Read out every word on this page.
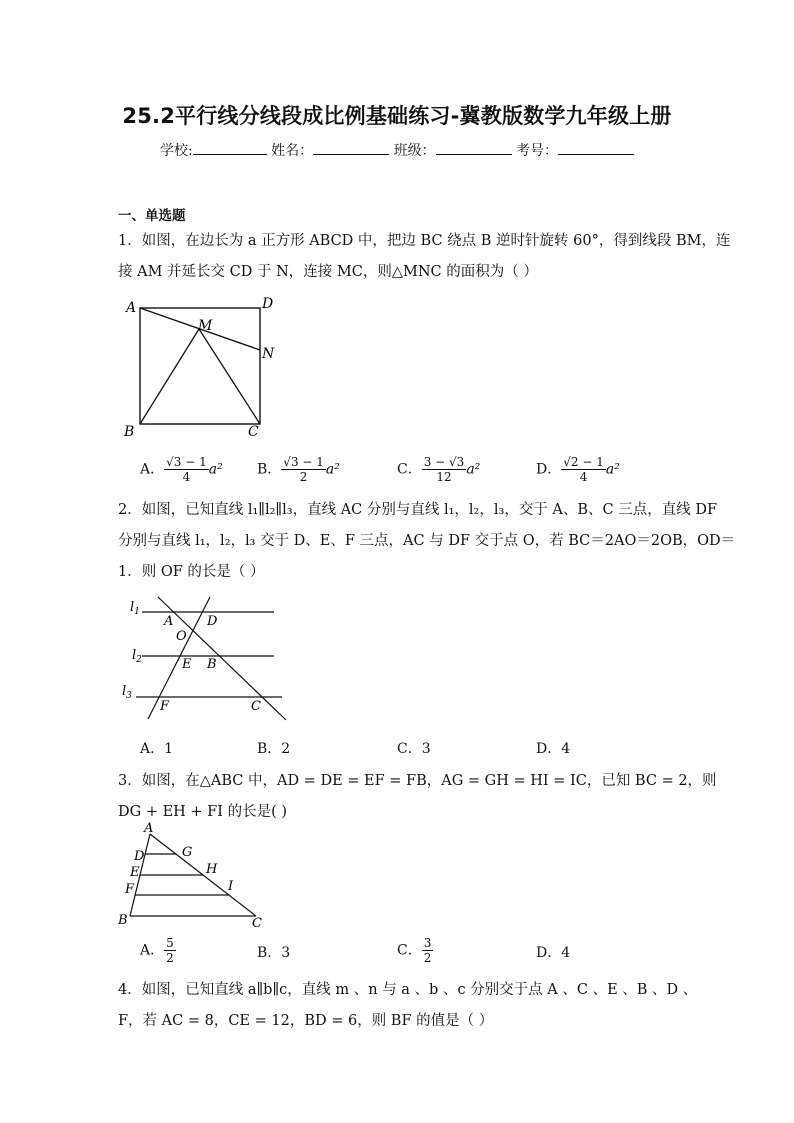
25.2平行线分线段成比例基础练习-冀教版数学九年级上册
学校:	姓名：	班级：	考号：
一、单选题
1．如图，在边长为 a 正方形 ABCD 中，把边 BC 绕点 B 逆时针旋转 60°，得到线段 BM，连
接 AM 并延长交 CD 于 N，连接 MC，则△MNC 的面积为（ ）
A	D
M
N
B	C
A． $\frac{√3 - 1}{4} a^2$ B． $\frac{√3 - 1}{2} a^2$	C． $\frac{3 - √3}{12} a^2$	D． $\frac{√2 - 1}{4} a^2$
2．如图，已知直线 l₁∥l₂∥l₃，直线 AC 分别与直线 l₁，l₂，l₃，交于 A、B、C 三点，直线 DF
分别与直线 l₁，l₂，l₃ 交于 D、E、F 三点，AC 与 DF 交于点 O，若 BC＝2AO＝2OB，OD＝
1．则 OF 的长是（ ）
$l_1$
$l_2$
$l_3$
A	D
O
E B
F	C
A．1	B．2	C．3	D．4
3．如图，在△ABC 中，AD = DE = EF = FB，AG = GH = HI = IC，已知 BC = 2，则
DG + EH + FI 的长是( )
A
D
E
F
B
G
H
I
C
A． $\frac{5}{2}$	B．3	C． $\frac{3}{2}$	D．4
4．如图，已知直线 a∥b∥c，直线 m 、n 与 a 、b 、c 分别交于点 A 、C 、E 、B 、D 、
F，若 AC = 8，CE = 12，BD = 6，则 BF 的值是（ ）
